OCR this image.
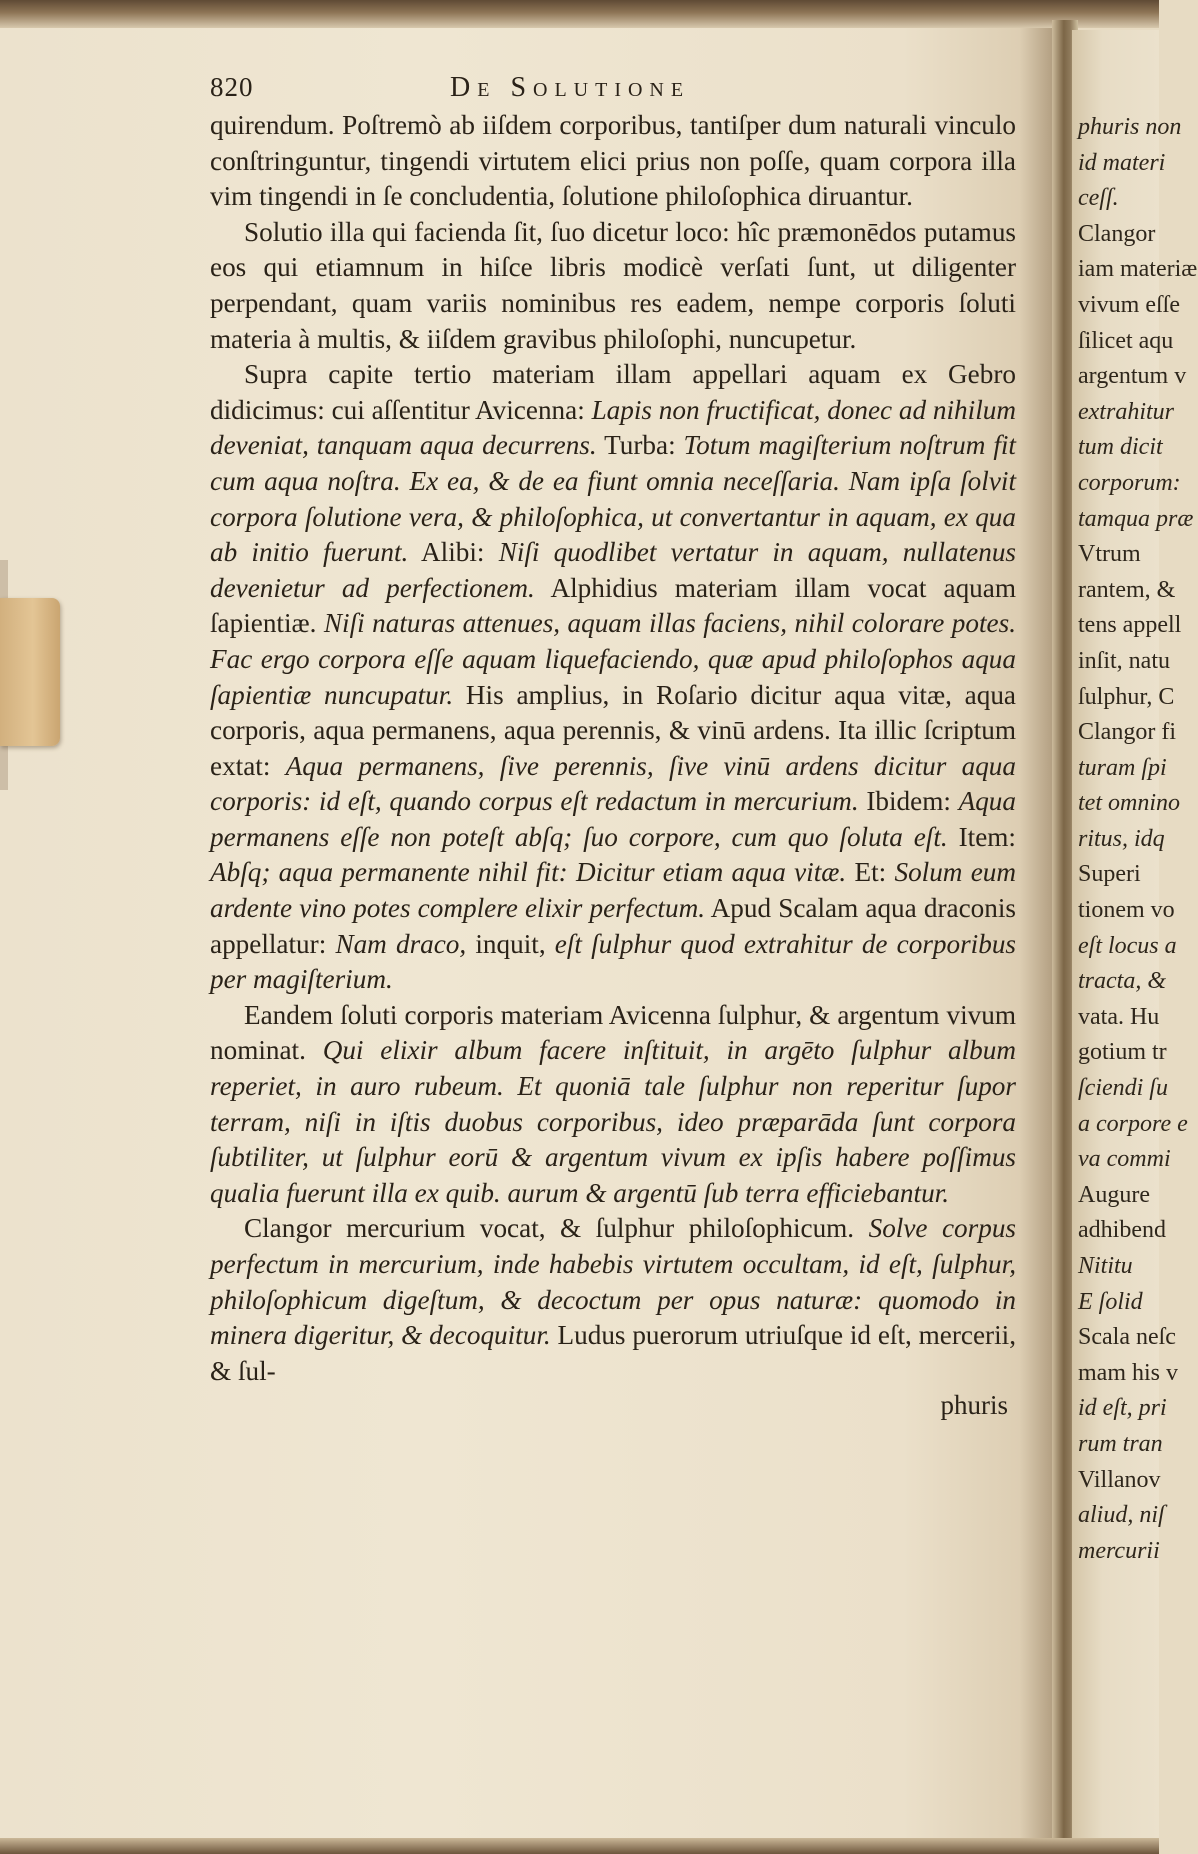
phuris non
id materi
ceſſ.
Clangor
iam materiæ
vivum eſſe
ſilicet aqu
argentum v
extrahitur
tum dicit
corporum:
tamqua præ
Vtrum
rantem, &
tens appell
inſit, natu
ſulphur, C
Clangor fi
turam ſpi
tet omnino
ritus, idq
Superi
tionem vo
eſt locus a
tracta, &
vata. Hu
gotium tr
ſciendi ſu
a corpore e
va commi
Augure
adhibend
Nititu
E ſolid
Scala neſc
mam his v
id eſt, pri
rum tran
Villanov
aliud, niſ
mercurii
820	De Solutione

quirendum. Poſtremò ab iiſdem corporibus, tantiſper dum naturali vinculo conſtringuntur, tingendi virtutem elici prius non poſſe, quam corpora illa vim tingendi in ſe concludentia, ſolutione philoſophica diruantur.

Solutio illa qui facienda ſit, ſuo dicetur loco: hîc præmonēdos putamus eos qui etiamnum in hiſce libris modicè verſati ſunt, ut diligenter perpendant, quam variis nominibus res eadem, nempe corporis ſoluti materia à multis, & iiſdem gravibus philoſophi, nuncupetur.

Supra capite tertio materiam illam appellari aquam ex Gebro didicimus: cui aſſentitur Avicenna: Lapis non fructificat, donec ad nihilum deveniat, tanquam aqua decurrens. Turba: Totum magiſterium noſtrum fit cum aqua noſtra. Ex ea, & de ea fiunt omnia neceſſaria. Nam ipſa ſolvit corpora ſolutione vera, & philoſophica, ut convertantur in aquam, ex qua ab initio fuerunt. Alibi: Niſi quodlibet vertatur in aquam, nullatenus devenietur ad perfectionem. Alphidius materiam illam vocat aquam ſapientiæ. Niſi naturas attenues, aquam illas faciens, nihil colorare potes. Fac ergo corpora eſſe aquam liquefaciendo, quæ apud philoſophos aqua ſapientiæ nuncupatur. His amplius, in Roſario dicitur aqua vitæ, aqua corporis, aqua permanens, aqua perennis, & vinū ardens. Ita illic ſcriptum extat: Aqua permanens, ſive perennis, ſive vinū ardens dicitur aqua corporis: id eſt, quando corpus eſt redactum in mercurium. Ibidem: Aqua permanens eſſe non poteſt abſq; ſuo corpore, cum quo ſoluta eſt. Item: Abſq; aqua permanente nihil fit: Dicitur etiam aqua vitæ. Et: Solum eum ardente vino potes complere elixir perfectum. Apud Scalam aqua draconis appellatur: Nam draco, inquit, eſt ſulphur quod extrahitur de corporibus per magiſterium.

Eandem ſoluti corporis materiam Avicenna ſulphur, & argentum vivum nominat. Qui elixir album facere inſtituit, in argēto ſulphur album reperiet, in auro rubeum. Et quoniā tale ſulphur non reperitur ſupor terram, niſi in iſtis duobus corporibus, ideo præparāda ſunt corpora ſubtiliter, ut ſulphur eorū & argentum vivum ex ipſis habere poſſimus qualia fuerunt illa ex quib. aurum & argentū ſub terra efficiebantur.

Clangor mercurium vocat, & ſulphur philoſophicum. Solve corpus perfectum in mercurium, inde habebis virtutem occultam, id eſt, ſulphur, philoſophicum digeſtum, & decoctum per opus naturæ: quomodo in minera digeritur, & decoquitur. Ludus puerorum utriuſque id eſt, mercerii, & ſul-

phuris
